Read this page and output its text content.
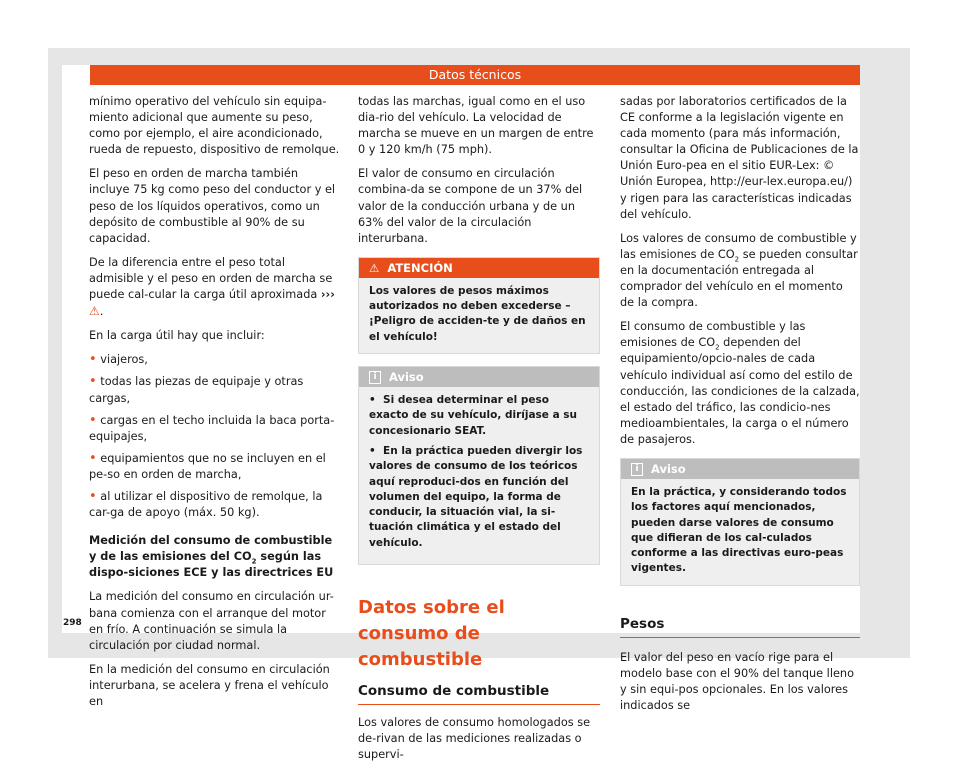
Datos técnicos

mínimo operativo del vehículo sin equipa-miento adicional que aumente su peso, como por ejemplo, el aire acondicionado, rueda de repuesto, dispositivo de remolque.

El peso en orden de marcha también incluye 75 kg como peso del conductor y el peso de los líquidos operativos, como un depósito de combustible al 90% de su capacidad.

De la diferencia entre el peso total admisible y el peso en orden de marcha se puede cal-cular la carga útil aproximada ››› ⚠.

En la carga útil hay que incluir:

• viajeros,
• todas las piezas de equipaje y otras cargas,
• cargas en el techo incluida la baca porta-equipajes,
• equipamientos que no se incluyen en el pe-so en orden de marcha,
• al utilizar el dispositivo de remolque, la car-ga de apoyo (máx. 50 kg).

Medición del consumo de combustible y de las emisiones del $CO_2$ según las dispo-siciones ECE y las directrices EU

La medición del consumo en circulación ur-bana comienza con el arranque del motor en frío. A continuación se simula la circulación por ciudad normal.

En la medición del consumo en circulación interurbana, se acelera y frena el vehículo en

todas las marchas, igual como en el uso dia-rio del vehículo. La velocidad de marcha se mueve en un margen de entre 0 y 120 km/h (75 mph).

El valor de consumo en circulación combina-da se compone de un 37% del valor de la conducción urbana y de un 63% del valor de la circulación interurbana.

⚠ ATENCIÓN
Los valores de pesos máximos autorizados no deben excederse – ¡Peligro de acciden-te y de daños en el vehículo!
i Aviso
•  Si desea determinar el peso exacto de su vehículo, diríjase a su concesionario SEAT.
•  En la práctica pueden divergir los valores de consumo de los teóricos aquí reproduci-dos en función del volumen del equipo, la forma de conducir, la situación vial, la si-tuación climática y el estado del vehículo.
Datos sobre el consumo de combustible
Consumo de combustible

Los valores de consumo homologados se de-rivan de las mediciones realizadas o supervi-

sadas por laboratorios certificados de la CE conforme a la legislación vigente en cada momento (para más información, consultar la Oficina de Publicaciones de la Unión Euro-pea en el sitio EUR-Lex: © Unión Europea, http://eur-lex.europa.eu/) y rigen para las características indicadas del vehículo.

Los valores de consumo de combustible y las emisiones de $CO_2$ se pueden consultar en la documentación entregada al comprador del vehículo en el momento de la compra.

El consumo de combustible y las emisiones de $CO_2$ dependen del equipamiento/opcio-nales de cada vehículo individual así como del estilo de conducción, las condiciones de la calzada, el estado del tráfico, las condicio-nes medioambientales, la carga o el número de pasajeros.

i Aviso
En la práctica, y considerando todos los factores aquí mencionados, pueden darse valores de consumo que difieran de los cal-culados conforme a las directivas euro-peas vigentes.
Pesos

El valor del peso en vacío rige para el modelo base con el 90% del tanque lleno y sin equi-pos opcionales. En los valores indicados se

298
